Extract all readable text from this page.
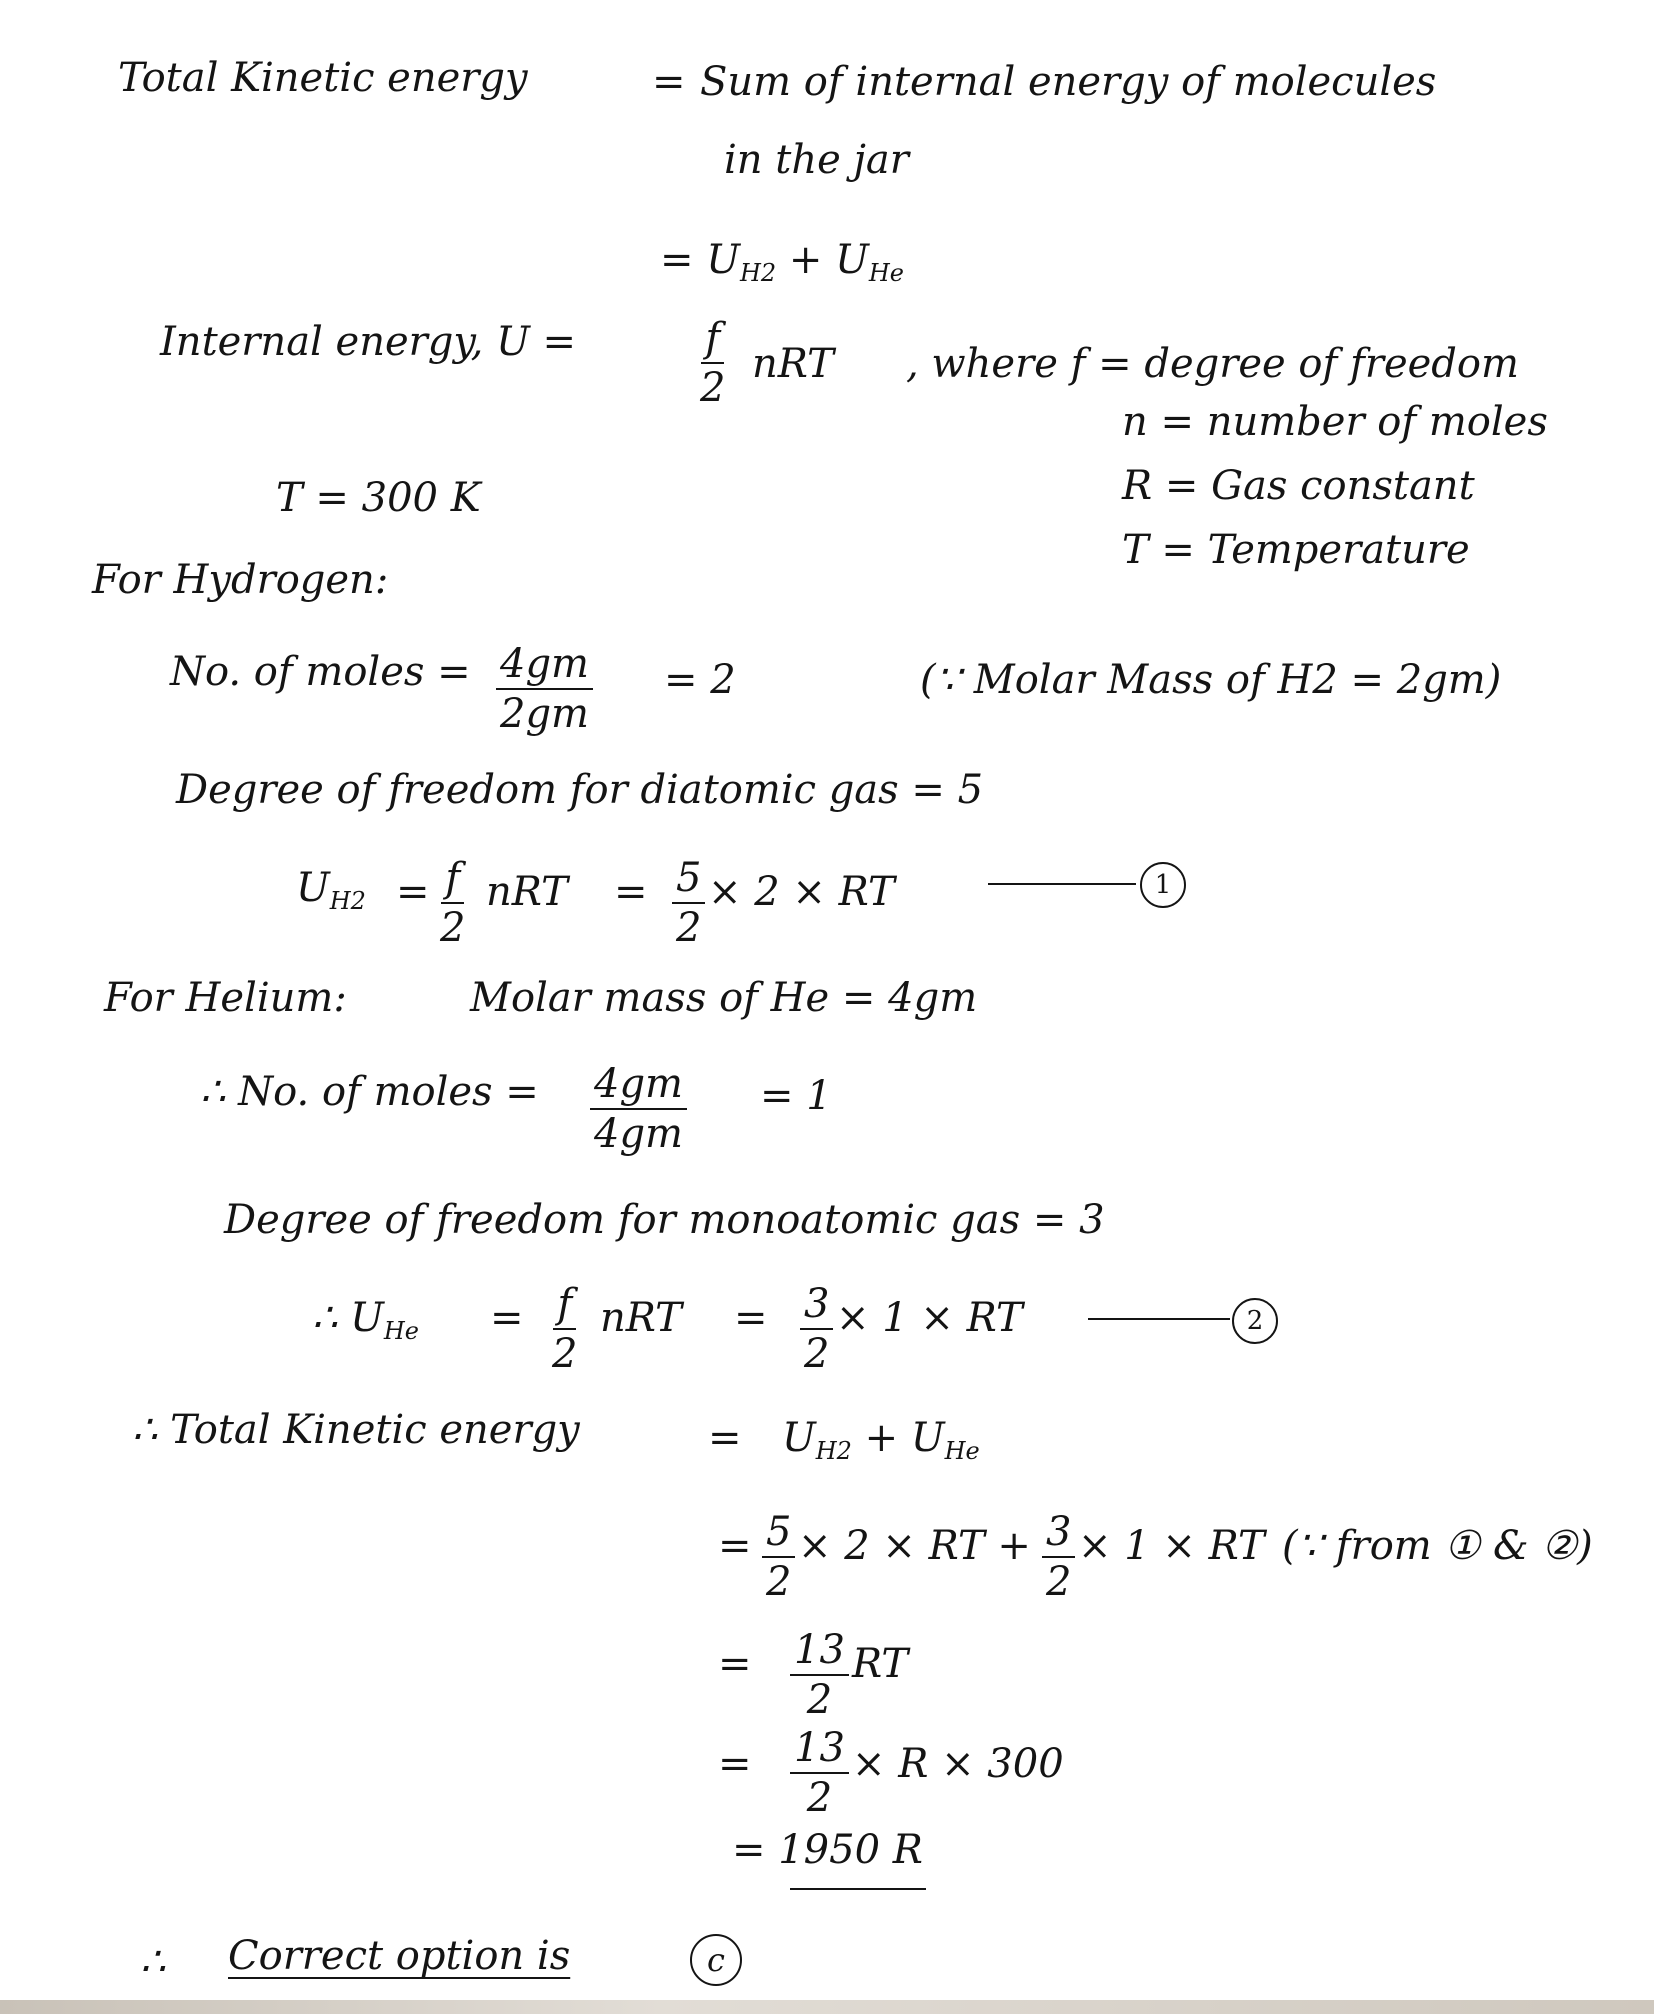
Total Kinetic energy	= Sum of internal energy of molecules
in the jar
= $U_{H2} + U_{He}$
Internal energy, U =	$\frac{f}{2}$ nRT , where f = degree of freedom
n = number of moles
T = 300 K	R = Gas constant
T = Temperature
For Hydrogen:
No. of moles = $\frac{4gm}{2gm} = 2$	(∵ Molar Mass of H2 = 2gm)
Degree of freedom for diatomic gas = 5
$U_{H2} = \frac{f}{2}$ nRT = $\frac{5}{2} \times 2$ × RT	1
For Helium:	Molar mass of He = 4gm
∴ No. of moles = $\frac{4gm}{4gm} = 1$
Degree of freedom for monoatomic gas = 3
∴ $U_{He} = \frac{f}{2}$ nRT = $\frac{3}{2} \times 1$ × RT	2
∴ Total Kinetic energy	= $U_{H2} + U_{He}$
= $\frac{5}{2} \times 2$ × RT + $\frac{3}{2} \times 1$ × RT (∵ from ① & ②)
= $\frac{13}{2}$ RT
= $\frac{13}{2} \times R \times 300$
= 1950 R
∴ Correct option is	c
